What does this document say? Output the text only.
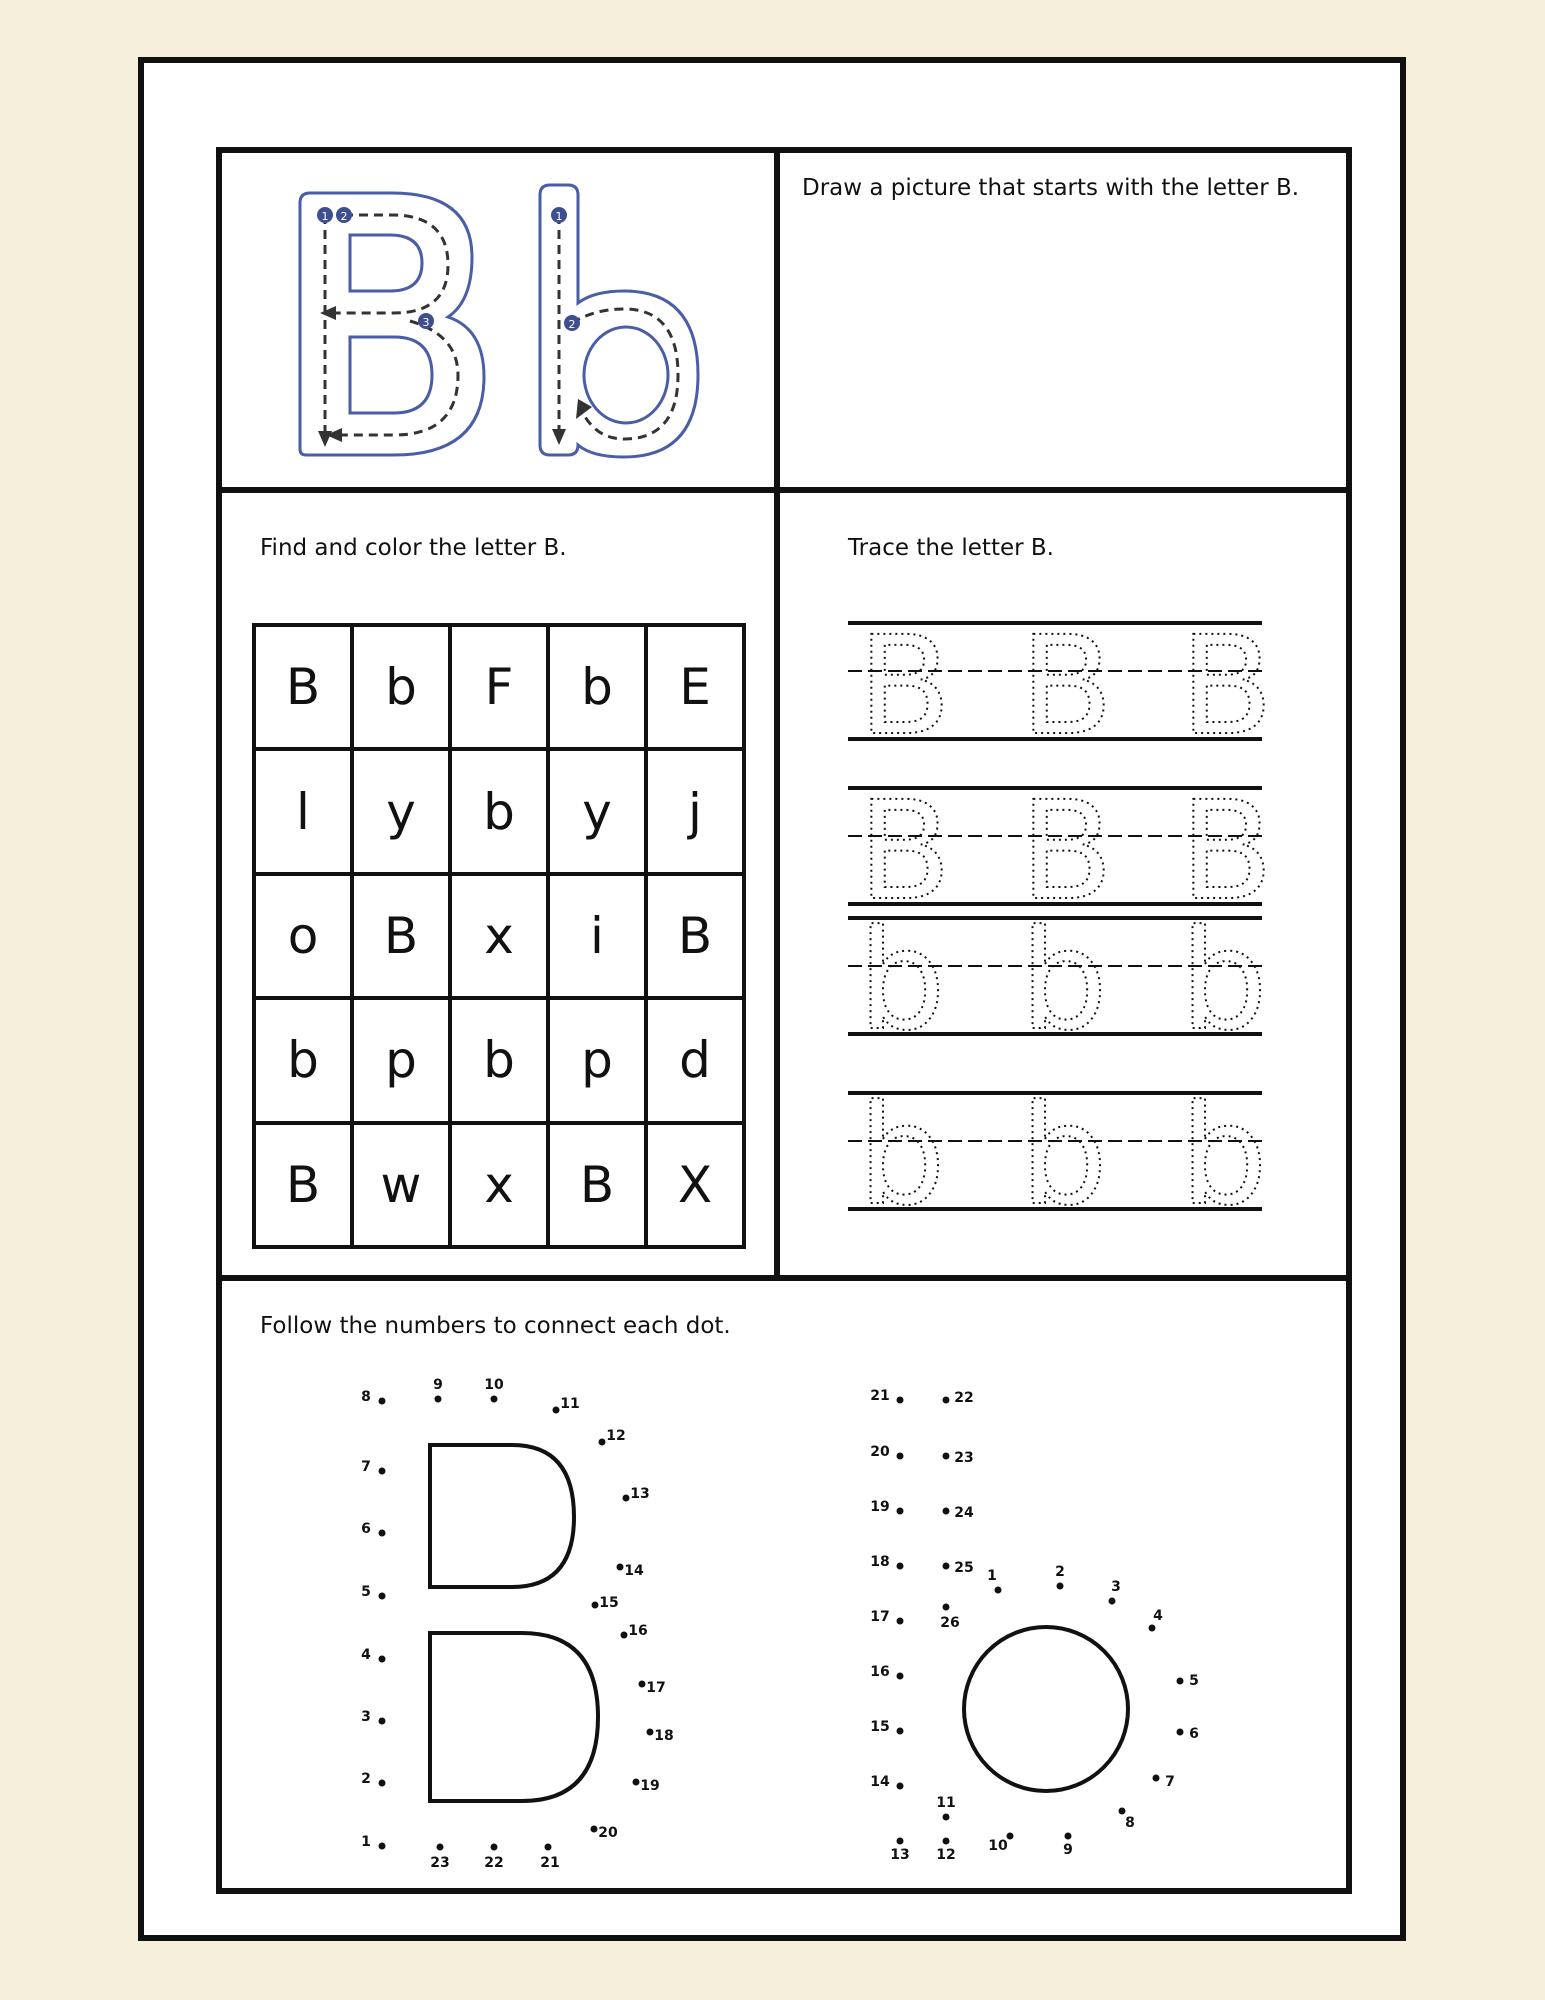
1 2
3
1
2
Draw a picture that starts with the letter B.
Find and color the letter B.
B	b	F	b	E
l	y	b	y	j
o	B	x	i	B
b	p	b	p	d
B	w	x	B	X
Trace the letter B.
B B B
B B B
b b b
b b b
Follow the numbers to connect each dot.
1
2
3
4
5
6
7
8
9	10
11
12
13
14
15
16
17
18
19
20
21
22
23
1	2
3
4
5
6
7
8
9
10
11
12
13
14
15
16
17
18
19
20
21	22
23
24
25
26
